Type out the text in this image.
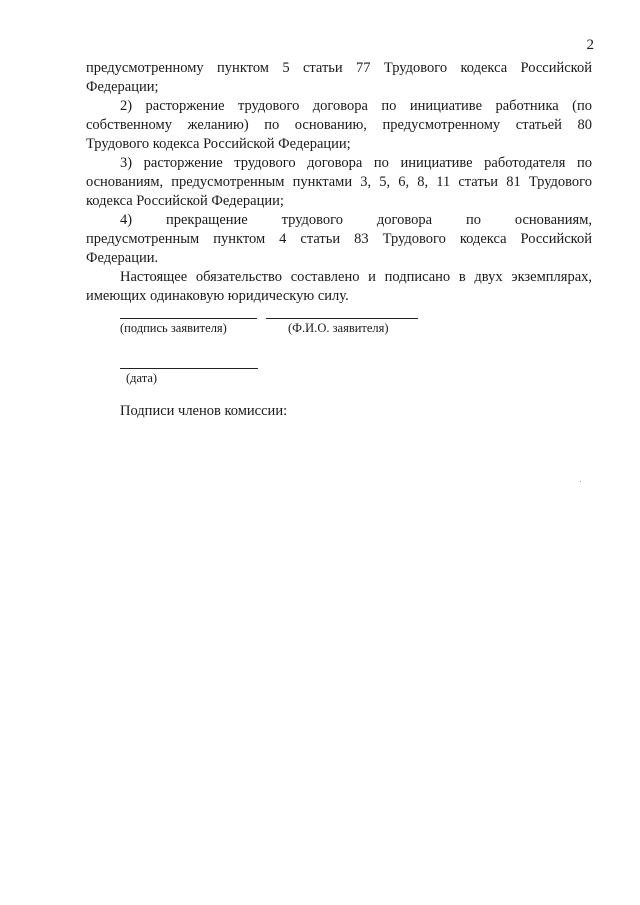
2
предусмотренному пунктом 5 статьи 77 Трудового кодекса Российской
Федерации;
2) расторжение трудового договора по инициативе работника (по
собственному желанию) по основанию, предусмотренному статьей 80
Трудового кодекса Российской Федерации;
3) расторжение трудового договора по инициативе работодателя по
основаниям, предусмотренным пунктами 3, 5, 6, 8, 11 статьи 81 Трудового
кодекса Российской Федерации;
4) прекращение трудового договора по основаниям,
предусмотренным пунктом 4 статьи 83 Трудового кодекса Российской
Федерации.
Настоящее обязательство составлено и подписано в двух экземплярах,
имеющих одинаковую юридическую силу.
(подпись заявителя)	(Ф.И.О. заявителя)
(дата)
Подписи членов комиссии:
